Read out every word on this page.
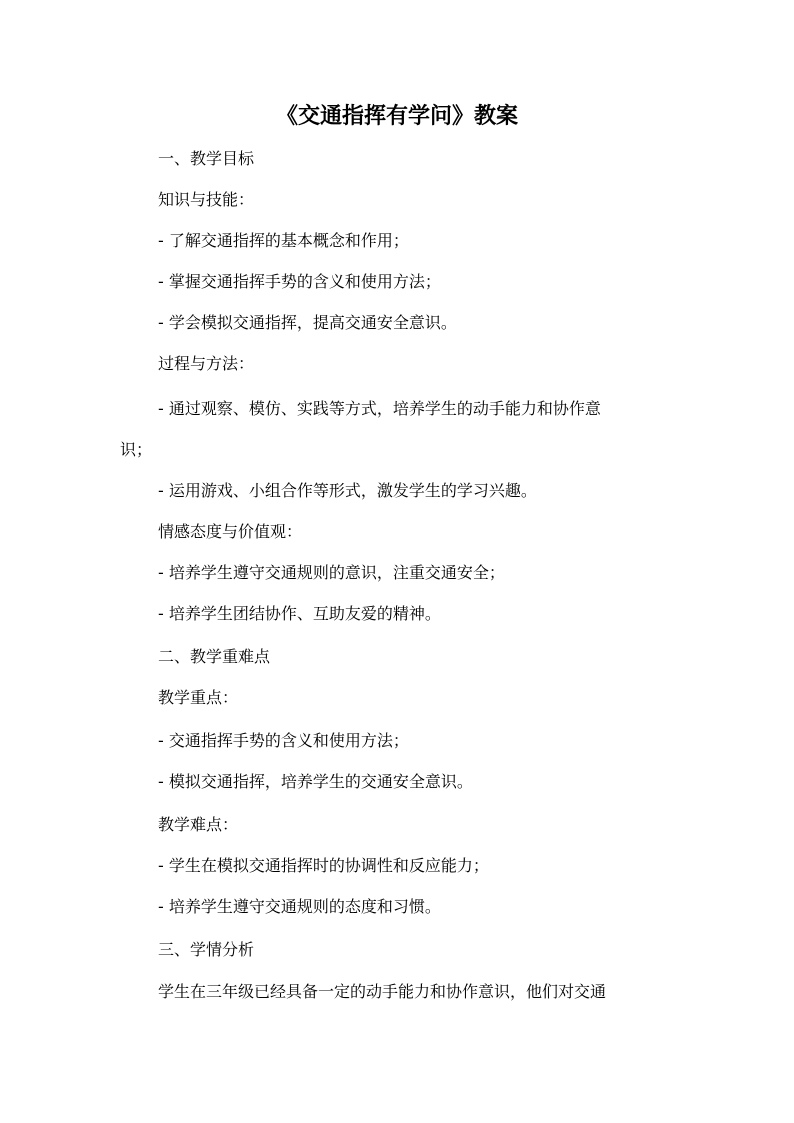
《交通指挥有学问》教案
一、教学目标
知识与技能：
- 了解交通指挥的基本概念和作用；
- 掌握交通指挥手势的含义和使用方法；
- 学会模拟交通指挥，提高交通安全意识。
过程与方法：
- 通过观察、模仿、实践等方式，培养学生的动手能力和协作意
识；
- 运用游戏、小组合作等形式，激发学生的学习兴趣。
情感态度与价值观：
- 培养学生遵守交通规则的意识，注重交通安全；
- 培养学生团结协作、互助友爱的精神。
二、教学重难点
教学重点：
- 交通指挥手势的含义和使用方法；
- 模拟交通指挥，培养学生的交通安全意识。
教学难点：
- 学生在模拟交通指挥时的协调性和反应能力；
- 培养学生遵守交通规则的态度和习惯。
三、学情分析
学生在三年级已经具备一定的动手能力和协作意识，他们对交通
